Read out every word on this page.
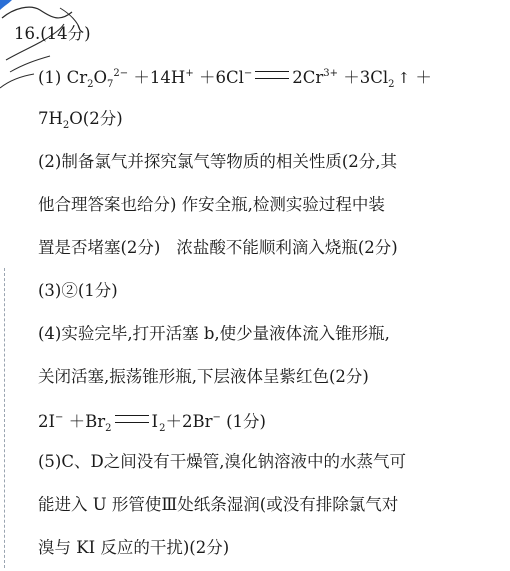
16.(14分)
(1) $Cr_2O_7^{2-} +14H^+ +6Cl^-$ $2Cr^{3+} +3Cl_2$ ↑ ＋
$7H_2O(2$分)
(2)制备氯气并探究氯气等物质的相关性质(2分,其
他合理答案也给分) 作安全瓶,检测实验过程中装
置是否堵塞(2分) 浓盐酸不能顺利滴入烧瓶(2分)
(3)②(1分)
(4)实验完毕,打开活塞 b,使少量液体流入锥形瓶,
关闭活塞,振荡锥形瓶,下层液体呈紫红色(2分)
$2I^- +Br_2$ $I_2+2Br^-$ (1分)
(5)C、D之间没有干燥管,溴化钠溶液中的水蒸气可
能进入 U 形管使Ⅲ处纸条湿润(或没有排除氯气对
溴与 KI 反应的干扰)(2分)
